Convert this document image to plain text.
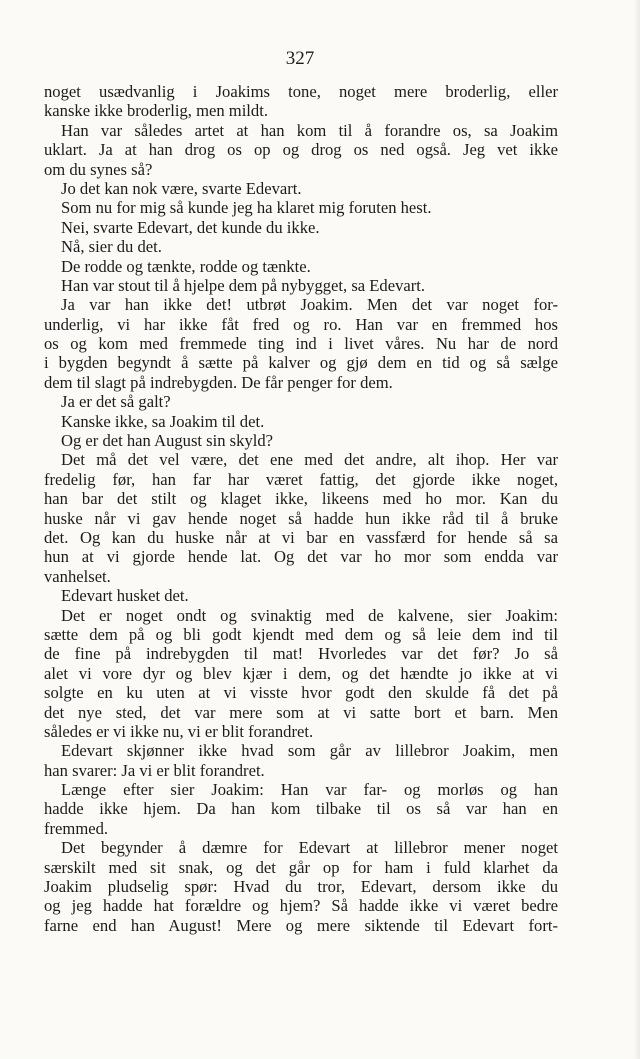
327
noget usædvanlig i Joakims tone, noget mere broderlig, eller
kanske ikke broderlig, men mildt.
Han var således artet at han kom til å forandre os, sa Joakim
uklart. Ja at han drog os op og drog os ned også. Jeg vet ikke
om du synes så?
Jo det kan nok være, svarte Edevart.
Som nu for mig så kunde jeg ha klaret mig foruten hest.
Nei, svarte Edevart, det kunde du ikke.
Nå, sier du det.
De rodde og tænkte, rodde og tænkte.
Han var stout til å hjelpe dem på nybygget, sa Edevart.
Ja var han ikke det! utbrøt Joakim. Men det var noget for-
underlig, vi har ikke fåt fred og ro. Han var en fremmed hos
os og kom med fremmede ting ind i livet våres. Nu har de nord
i bygden begyndt å sætte på kalver og gjø dem en tid og så sælge
dem til slagt på indrebygden. De får penger for dem.
Ja er det så galt?
Kanske ikke, sa Joakim til det.
Og er det han August sin skyld?
Det må det vel være, det ene med det andre, alt ihop. Her var
fredelig før, han far har været fattig, det gjorde ikke noget,
han bar det stilt og klaget ikke, likeens med ho mor. Kan du
huske når vi gav hende noget så hadde hun ikke råd til å bruke
det. Og kan du huske når at vi bar en vassfærd for hende så sa
hun at vi gjorde hende lat. Og det var ho mor som endda var
vanhelset.
Edevart husket det.
Det er noget ondt og svinaktig med de kalvene, sier Joakim:
sætte dem på og bli godt kjendt med dem og så leie dem ind til
de fine på indrebygden til mat! Hvorledes var det før? Jo så
alet vi vore dyr og blev kjær i dem, og det hændte jo ikke at vi
solgte en ku uten at vi visste hvor godt den skulde få det på
det nye sted, det var mere som at vi satte bort et barn. Men
således er vi ikke nu, vi er blit forandret.
Edevart skjønner ikke hvad som går av lillebror Joakim, men
han svarer: Ja vi er blit forandret.
Længe efter sier Joakim: Han var far- og morløs og han
hadde ikke hjem. Da han kom tilbake til os så var han en
fremmed.
Det begynder å dæmre for Edevart at lillebror mener noget
særskilt med sit snak, og det går op for ham i fuld klarhet da
Joakim pludselig spør: Hvad du tror, Edevart, dersom ikke du
og jeg hadde hat forældre og hjem? Så hadde ikke vi været bedre
farne end han August! Mere og mere siktende til Edevart fort-
